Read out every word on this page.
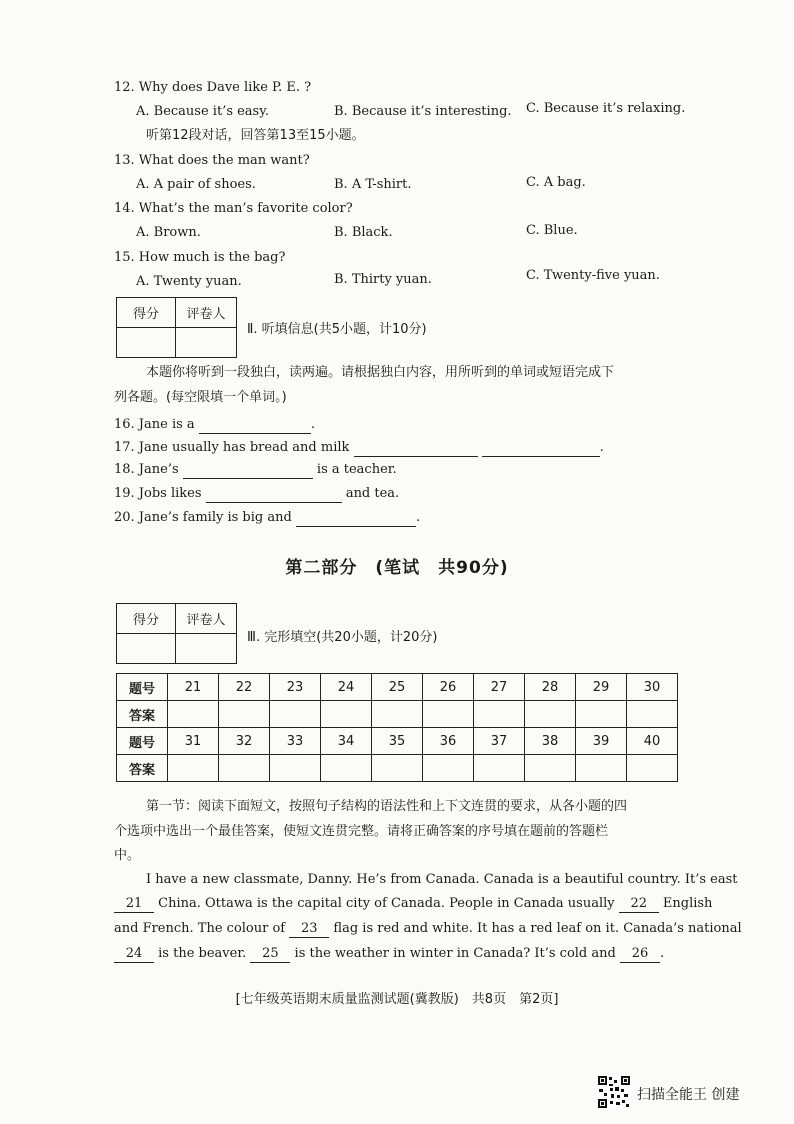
12. Why does Dave like P. E. ?
A. Because it’s easy.	B. Because it’s interesting. C. Because it’s relaxing.
听第12段对话，回答第13至15小题。
13. What does the man want?
A. A pair of shoes.	B. A T-shirt.	C. A bag.
14. What’s the man’s favorite color?
A. Brown.	B. Black.	C. Blue.
15. How much is the bag?
A. Twenty yuan.	B. Thirty yuan.	C. Twenty-five yuan.
得分	评卷人

Ⅱ. 听填信息(共5小题，计10分)
本题你将听到一段独白，读两遍。请根据独白内容，用所听到的单词或短语完成下
列各题。(每空限填一个单词。)
16. Jane is a	.
17. Jane usually has bread and milk	.
18. Jane’s	is a teacher.
19. Jobs likes	and tea.
20. Jane’s family is big and	.
第二部分　(笔试　共90分)
得分	评卷人

Ⅲ. 完形填空(共20小题，计20分)
题号	21	22	23	24	25	26	27	28	29	30
答案										
题号	31	32	33	34	35	36	37	38	39	40
答案										
第一节：阅读下面短文，按照句子结构的语法性和上下文连贯的要求，从各小题的四
个选项中选出一个最佳答案，使短文连贯完整。请将正确答案的序号填在题前的答题栏
中。
I have a new classmate, Danny. He’s from Canada. Canada is a beautiful country. It’s east
21 China. Ottawa is the capital city of Canada. People in Canada usually 22 English
and French. The colour of 23 flag is red and white. It has a red leaf on it. Canada’s national
24 is the beaver. 25 is the weather in winter in Canada? It’s cold and 26 .
[七年级英语期末质量监测试题(冀教版)　共8页　第2页]
扫描全能王 创建
